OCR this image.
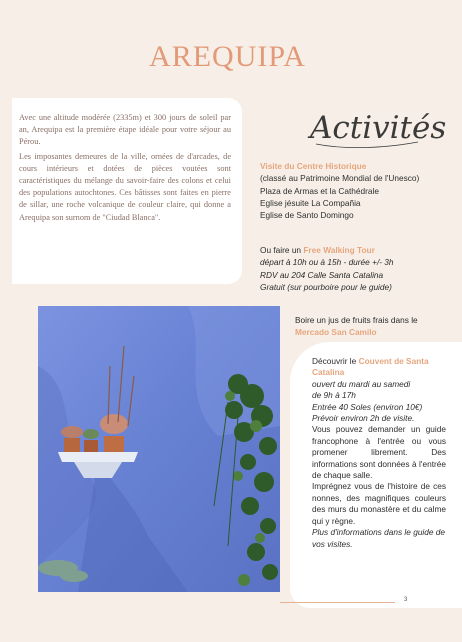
AREQUIPA

Avec une altitude modérée (2335m) et 300 jours de soleil par an, Arequipa est la première étape idéale pour votre séjour au Pérou.

Les imposantes demeures de la ville, ornées de d'arcades, de cours intérieurs et dotées de pièces voutées sont caractéristiques du mélange du savoir-faire des colons et celui des populations autochtones. Ces bâtisses sont faites en pierre de sillar, une roche volcanique de couleur claire, qui donne a Arequipa son surnom de "Ciudad Blanca".

Activités
Visite du Centre Historique
(classé au Patrimoine Mondial de l'Unesco)
Plaza de Armas et la Cathédrale
Eglise jésuite La Compañia
Eglise de Santo Domingo
Ou faire un Free Walking Tour
départ à 10h ou à 15h - durée +/- 3h
RDV au 204 Calle Santa Catalina
Gratuit (sur pourboire pour le guide)
Boire un jus de fruits frais dans le Mercado San Camilo
Découvrir le Couvent de Santa Catalina
ouvert du mardi au samedi
de 9h à 17h
Entrée 40 Soles (environ 10€)
Prévoir environ 2h de visite.
Vous pouvez demander un guide francophone à l'entrée ou vous promener librement. Des informations sont données à l'entrée de chaque salle.
Imprégnez vous de l'histoire de ces nonnes, des magnifiques couleurs des murs du monastère et du calme qui y règne.
Plus d'informations dans le guide de vos visites.
3
